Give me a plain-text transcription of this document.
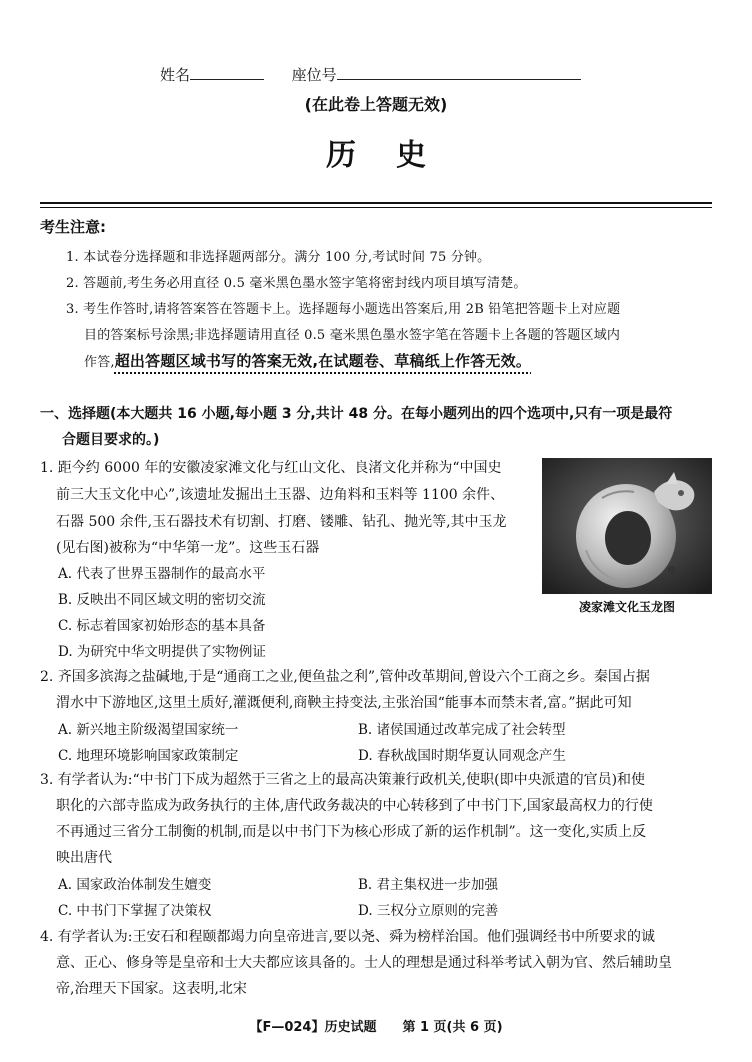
姓名	座位号
(在此卷上答题无效)
历史
考生注意:
1. 本试卷分选择题和非选择题两部分。满分 100 分,考试时间 75 分钟。
2. 答题前,考生务必用直径 0.5 毫米黑色墨水签字笔将密封线内项目填写清楚。
3. 考生作答时,请将答案答在答题卡上。选择题每小题选出答案后,用 2B 铅笔把答题卡上对应题
目的答案标号涂黑;非选择题请用直径 0.5 毫米黑色墨水签字笔在答题卡上各题的答题区域内
作答,超出答题区域书写的答案无效,在试题卷、草稿纸上作答无效。
一、选择题(本大题共 16 小题,每小题 3 分,共计 48 分。在每小题列出的四个选项中,只有一项是最符
合题目要求的。)
1. 距今约 6000 年的安徽凌家滩文化与红山文化、良渚文化并称为“中国史
前三大玉文化中心”,该遗址发掘出土玉器、边角料和玉料等 1100 余件、
石器 500 余件,玉石器技术有切割、打磨、镂雕、钻孔、抛光等,其中玉龙
(见右图)被称为“中华第一龙”。这些玉石器
A. 代表了世界玉器制作的最高水平
B. 反映出不同区域文明的密切交流
C. 标志着国家初始形态的基本具备
D. 为研究中华文明提供了实物例证
凌家滩文化玉龙图
2. 齐国多滨海之盐碱地,于是“通商工之业,便鱼盐之利”,管仲改革期间,曾设六个工商之乡。秦国占据
渭水中下游地区,这里土质好,灌溉便利,商鞅主持变法,主张治国“能事本而禁末者,富。”据此可知
A. 新兴地主阶级渴望国家统一	B. 诸侯国通过改革完成了社会转型
C. 地理环境影响国家政策制定	D. 春秋战国时期华夏认同观念产生
3. 有学者认为:“中书门下成为超然于三省之上的最高决策兼行政机关,使职(即中央派遣的官员)和使
职化的六部寺监成为政务执行的主体,唐代政务裁决的中心转移到了中书门下,国家最高权力的行使
不再通过三省分工制衡的机制,而是以中书门下为核心形成了新的运作机制”。这一变化,实质上反
映出唐代
A. 国家政治体制发生嬗变	B. 君主集权进一步加强
C. 中书门下掌握了决策权	D. 三权分立原则的完善
4. 有学者认为:王安石和程颐都竭力向皇帝进言,要以尧、舜为榜样治国。他们强调经书中所要求的诚
意、正心、修身等是皇帝和士大夫都应该具备的。士人的理想是通过科举考试入朝为官、然后辅助皇
帝,治理天下国家。这表明,北宋
【F—024】历史试题　　第 1 页(共 6 页)
